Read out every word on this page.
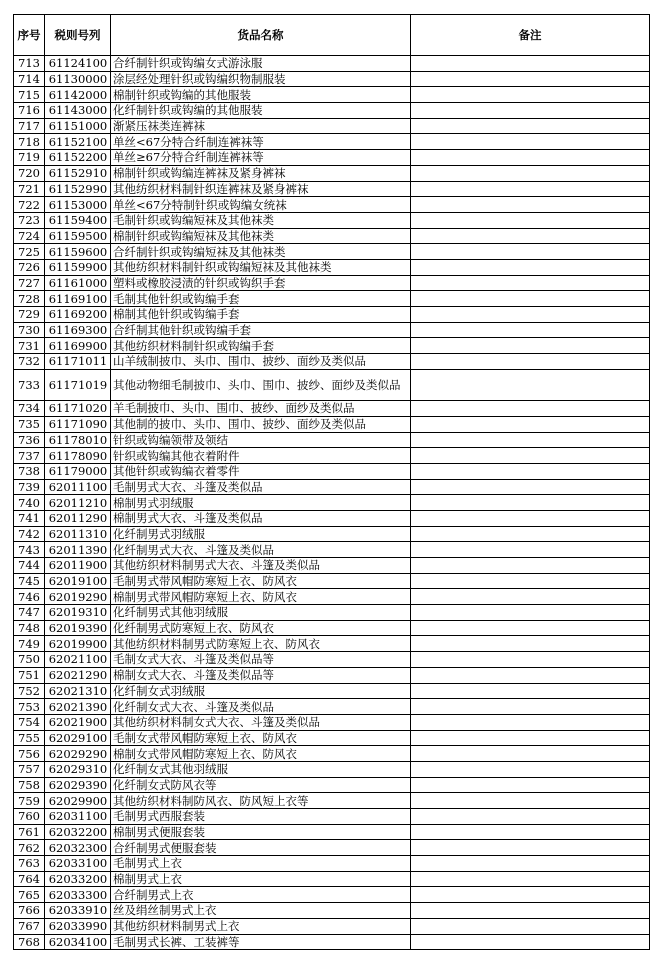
序号	税则号列	货品名称	备注
713	61124100	合纤制针织或钩编女式游泳服	
714	61130000	涂层经处理针织或钩编织物制服装	
715	61142000	棉制针织或钩编的其他服装	
716	61143000	化纤制针织或钩编的其他服装	
717	61151000	渐紧压袜类连裤袜	
718	61152100	单丝<67分特合纤制连裤袜等	
719	61152200	单丝≥67分特合纤制连裤袜等	
720	61152910	棉制针织或钩编连裤袜及紧身裤袜	
721	61152990	其他纺织材料制针织连裤袜及紧身裤袜	
722	61153000	单丝<67分特制针织或钩编女统袜	
723	61159400	毛制针织或钩编短袜及其他袜类	
724	61159500	棉制针织或钩编短袜及其他袜类	
725	61159600	合纤制针织或钩编短袜及其他袜类	
726	61159900	其他纺织材料制针织或钩编短袜及其他袜类	
727	61161000	塑料或橡胶浸渍的针织或钩织手套	
728	61169100	毛制其他针织或钩编手套	
729	61169200	棉制其他针织或钩编手套	
730	61169300	合纤制其他针织或钩编手套	
731	61169900	其他纺织材料制针织或钩编手套	
732	61171011	山羊绒制披巾、头巾、围巾、披纱、面纱及类似品	
733	61171019	其他动物细毛制披巾、头巾、围巾、披纱、面纱及类似品	
734	61171020	羊毛制披巾、头巾、围巾、披纱、面纱及类似品	
735	61171090	其他制的披巾、头巾、围巾、披纱、面纱及类似品	
736	61178010	针织或钩编领带及领结	
737	61178090	针织或钩编其他衣着附件	
738	61179000	其他针织或钩编衣着零件	
739	62011100	毛制男式大衣、斗篷及类似品	
740	62011210	棉制男式羽绒服	
741	62011290	棉制男式大衣、斗篷及类似品	
742	62011310	化纤制男式羽绒服	
743	62011390	化纤制男式大衣、斗篷及类似品	
744	62011900	其他纺织材料制男式大衣、斗篷及类似品	
745	62019100	毛制男式带风帽防寒短上衣、防风衣	
746	62019290	棉制男式带风帽防寒短上衣、防风衣	
747	62019310	化纤制男式其他羽绒服	
748	62019390	化纤制男式防寒短上衣、防风衣	
749	62019900	其他纺织材料制男式防寒短上衣、防风衣	
750	62021100	毛制女式大衣、斗篷及类似品等	
751	62021290	棉制女式大衣、斗篷及类似品等	
752	62021310	化纤制女式羽绒服	
753	62021390	化纤制女式大衣、斗篷及类似品	
754	62021900	其他纺织材料制女式大衣、斗篷及类似品	
755	62029100	毛制女式带风帽防寒短上衣、防风衣	
756	62029290	棉制女式带风帽防寒短上衣、防风衣	
757	62029310	化纤制女式其他羽绒服	
758	62029390	化纤制女式防风衣等	
759	62029900	其他纺织材料制防风衣、防风短上衣等	
760	62031100	毛制男式西服套装	
761	62032200	棉制男式便服套装	
762	62032300	合纤制男式便服套装	
763	62033100	毛制男式上衣	
764	62033200	棉制男式上衣	
765	62033300	合纤制男式上衣	
766	62033910	丝及绢丝制男式上衣	
767	62033990	其他纺织材料制男式上衣	
768	62034100	毛制男式长裤、工装裤等	
